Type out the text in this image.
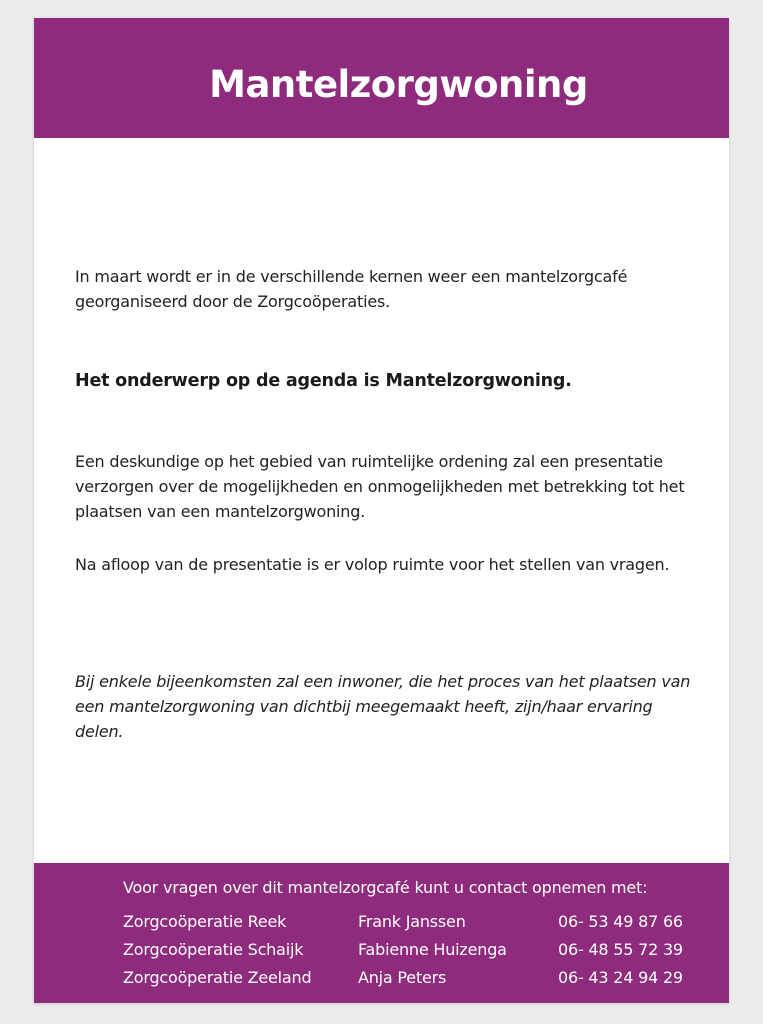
Mantelzorgwoning

In maart wordt er in de verschillende kernen weer een mantelzorgcafé georganiseerd door de Zorgcoöperaties.

Het onderwerp op de agenda is Mantelzorgwoning.

Een deskundige op het gebied van ruimtelijke ordening zal een presentatie verzorgen over de mogelijkheden en onmogelijkheden met betrekking tot het plaatsen van een mantelzorgwoning.

Na afloop van de presentatie is er volop ruimte voor het stellen van vragen.

Bij enkele bijeenkomsten zal een inwoner, die het proces van het plaatsen van een mantelzorgwoning van dichtbij meegemaakt heeft, zijn/haar ervaring delen.

Voor vragen over dit mantelzorgcafé kunt u contact opnemen met:
Zorgcoöperatie Reek	Frank Janssen	06- 53 49 87 66
Zorgcoöperatie Schaijk	Fabienne Huizenga	06- 48 55 72 39
Zorgcoöperatie Zeeland	Anja Peters	06- 43 24 94 29
